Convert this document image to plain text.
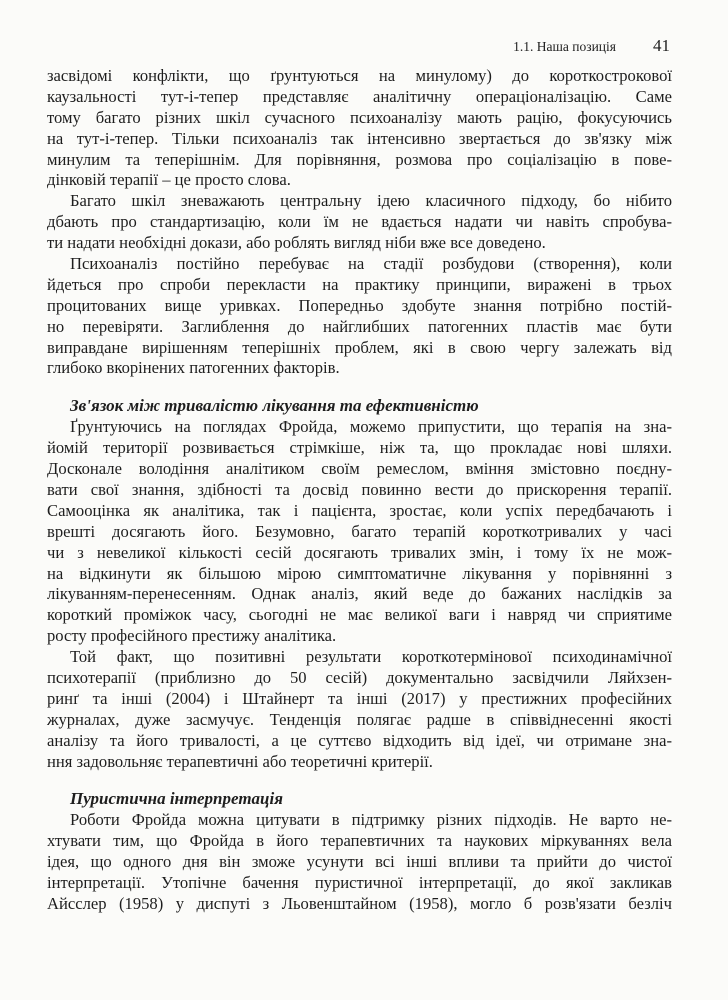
1.1. Наша позиція 41
засвідомі конфлікти, що ґрунтуються на минулому) до короткострокової
каузальності тут-і-тепер представляє аналітичну операціоналізацію. Саме
тому багато різних шкіл сучасного психоаналізу мають рацію, фокусуючись
на тут-і-тепер. Тільки психоаналіз так інтенсивно звертається до зв'язку між
минулим та теперішнім. Для порівняння, розмова про соціалізацію в пове-
дінковій терапії – це просто слова.
Багато шкіл зневажають центральну ідею класичного підходу, бо нібито
дбають про стандартизацію, коли їм не вдається надати чи навіть спробува-
ти надати необхідні докази, або роблять вигляд ніби вже все доведено.
Психоаналіз постійно перебуває на стадії розбудови (створення), коли
йдеться про спроби перекласти на практику принципи, виражені в трьох
процитованих вище уривках. Попередньо здобуте знання потрібно постій-
но перевіряти. Заглиблення до найглибших патогенних пластів має бути
виправдане вирішенням теперішніх проблем, які в свою чергу залежать від
глибоко вкорінених патогенних факторів.
Зв'язок між тривалістю лікування та ефективністю
Ґрунтуючись на поглядах Фройда, можемо припустити, що терапія на зна-
йомій території розвивається стрімкіше, ніж та, що прокладає нові шляхи.
Досконале володіння аналітиком своїм ремеслом, вміння змістовно поєдну-
вати свої знання, здібності та досвід повинно вести до прискорення терапії.
Самооцінка як аналітика, так і пацієнта, зростає, коли успіх передбачають і
врешті досягають його. Безумовно, багато терапій короткотривалих у часі
чи з невеликої кількості сесій досягають тривалих змін, і тому їх не мож-
на відкинути як більшою мірою симптоматичне лікування у порівнянні з
лікуванням-перенесенням. Однак аналіз, який веде до бажаних наслідків за
короткий проміжок часу, сьогодні не має великої ваги і навряд чи сприятиме
росту професійного престижу аналітика.
Той факт, що позитивні результати короткотермінової психодинамічної
психотерапії (приблизно до 50 сесій) документально засвідчили Ляйхзен-
ринґ та інші (2004) і Штайнерт та інші (2017) у престижних професійних
журналах, дуже засмучує. Тенденція полягає радше в співвіднесенні якості
аналізу та його тривалості, а це суттєво відходить від ідеї, чи отримане зна-
ння задовольняє терапевтичні або теоретичні критерії.
Пуристична інтерпретація
Роботи Фройда можна цитувати в підтримку різних підходів. Не варто не-
хтувати тим, що Фройда в його терапевтичних та наукових міркуваннях вела
ідея, що одного дня він зможе усунути всі інші впливи та прийти до чистої
інтерпретації. Утопічне бачення пуристичної інтерпретації, до якої закликав
Айсслер (1958) у диспуті з Льовенштайном (1958), могло б розв'язати безліч
